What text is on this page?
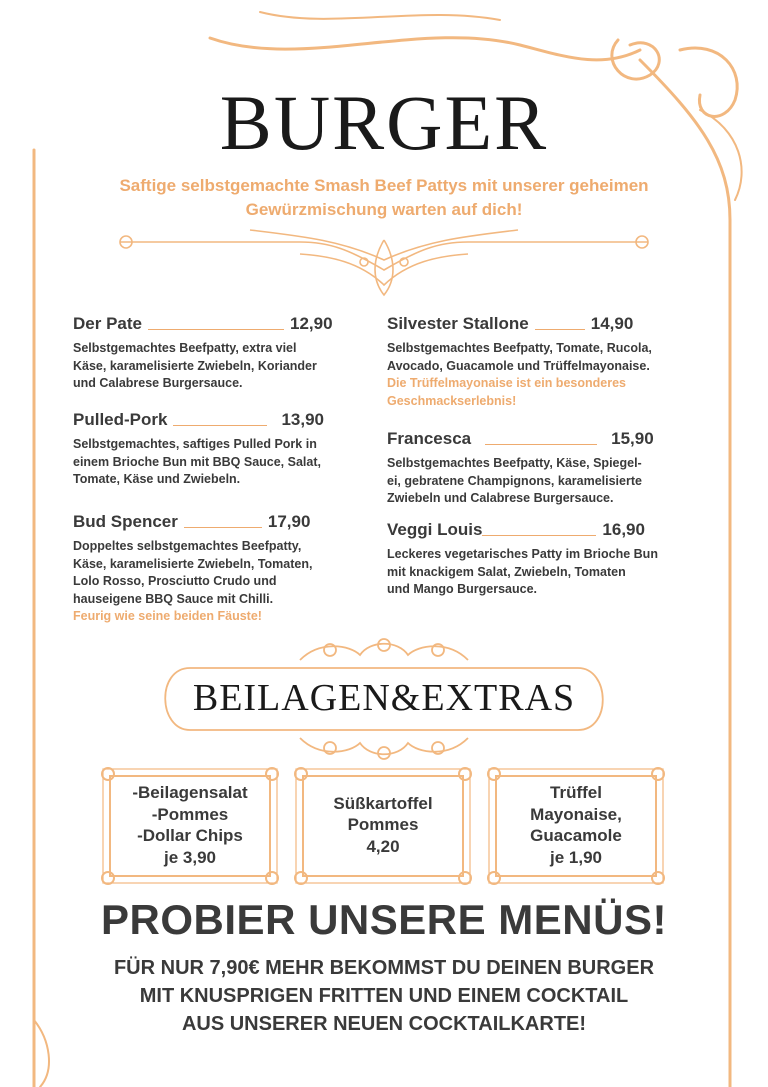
BURGER
Saftige selbstgemachte Smash Beef Pattys mit unserer geheimen
Gewürzmischung warten auf dich!
Der Pate	12,90
Selbstgemachtes Beefpatty, extra viel
Käse, karamelisierte Zwiebeln, Koriander
und Calabrese Burgersauce.
Pulled-Pork	13,90
Selbstgemachtes, saftiges Pulled Pork in
einem Brioche Bun mit BBQ Sauce, Salat,
Tomate, Käse und Zwiebeln.
Bud Spencer	17,90
Doppeltes selbstgemachtes Beefpatty,
Käse, karamelisierte Zwiebeln, Tomaten,
Lolo Rosso, Prosciutto Crudo und
hauseigene BBQ Sauce mit Chilli.
Feurig wie seine beiden Fäuste!
Silvester Stallone	14,90
Selbstgemachtes Beefpatty, Tomate, Rucola,
Avocado, Guacamole und Trüffelmayonaise.
Die Trüffelmayonaise ist ein besonderes
Geschmackserlebnis!
Francesca	15,90
Selbstgemachtes Beefpatty, Käse, Spiegel-
ei, gebratene Champignons, karamelisierte
Zwiebeln und Calabrese Burgersauce.
Veggi Louis	16,90
Leckeres vegetarisches Patty im Brioche Bun
mit knackigem Salat, Zwiebeln, Tomaten
und Mango Burgersauce.
BEILAGEN&EXTRAS
-Beilagensalat
-Pommes
-Dollar Chips
je 3,90
Süßkartoffel
Pommes
4,20
Trüffel
Mayonaise,
Guacamole
je 1,90
PROBIER UNSERE MENÜS!
FÜR NUR 7,90€ MEHR BEKOMMST DU DEINEN BURGER
MIT KNUSPRIGEN FRITTEN UND EINEM COCKTAIL
AUS UNSERER NEUEN COCKTAILKARTE!
